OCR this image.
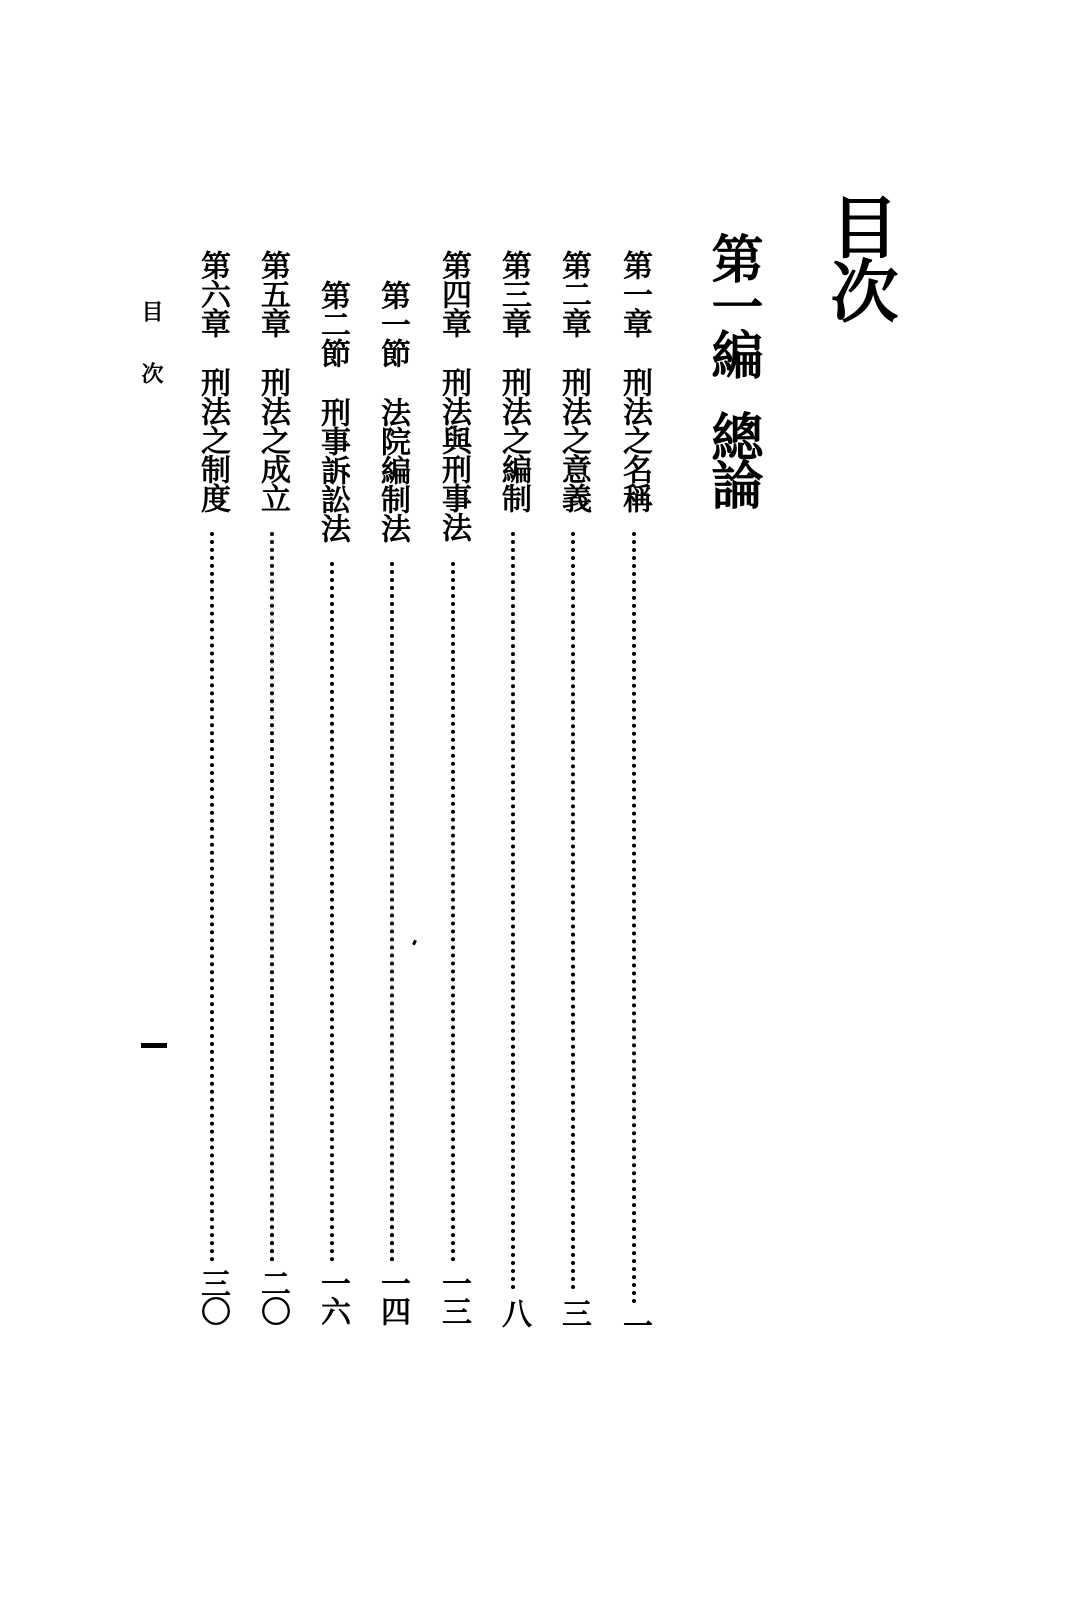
目次
第一編總論
第一章刑法之名稱
一
第二章刑法之意義
三
第三章刑法之編制
八
第四章刑法與刑事法
一三
第一節法院編制法
一四
第二節刑事訴訟法
一六
第五章刑法之成立
二〇
第六章刑法之制度
三〇
目次
